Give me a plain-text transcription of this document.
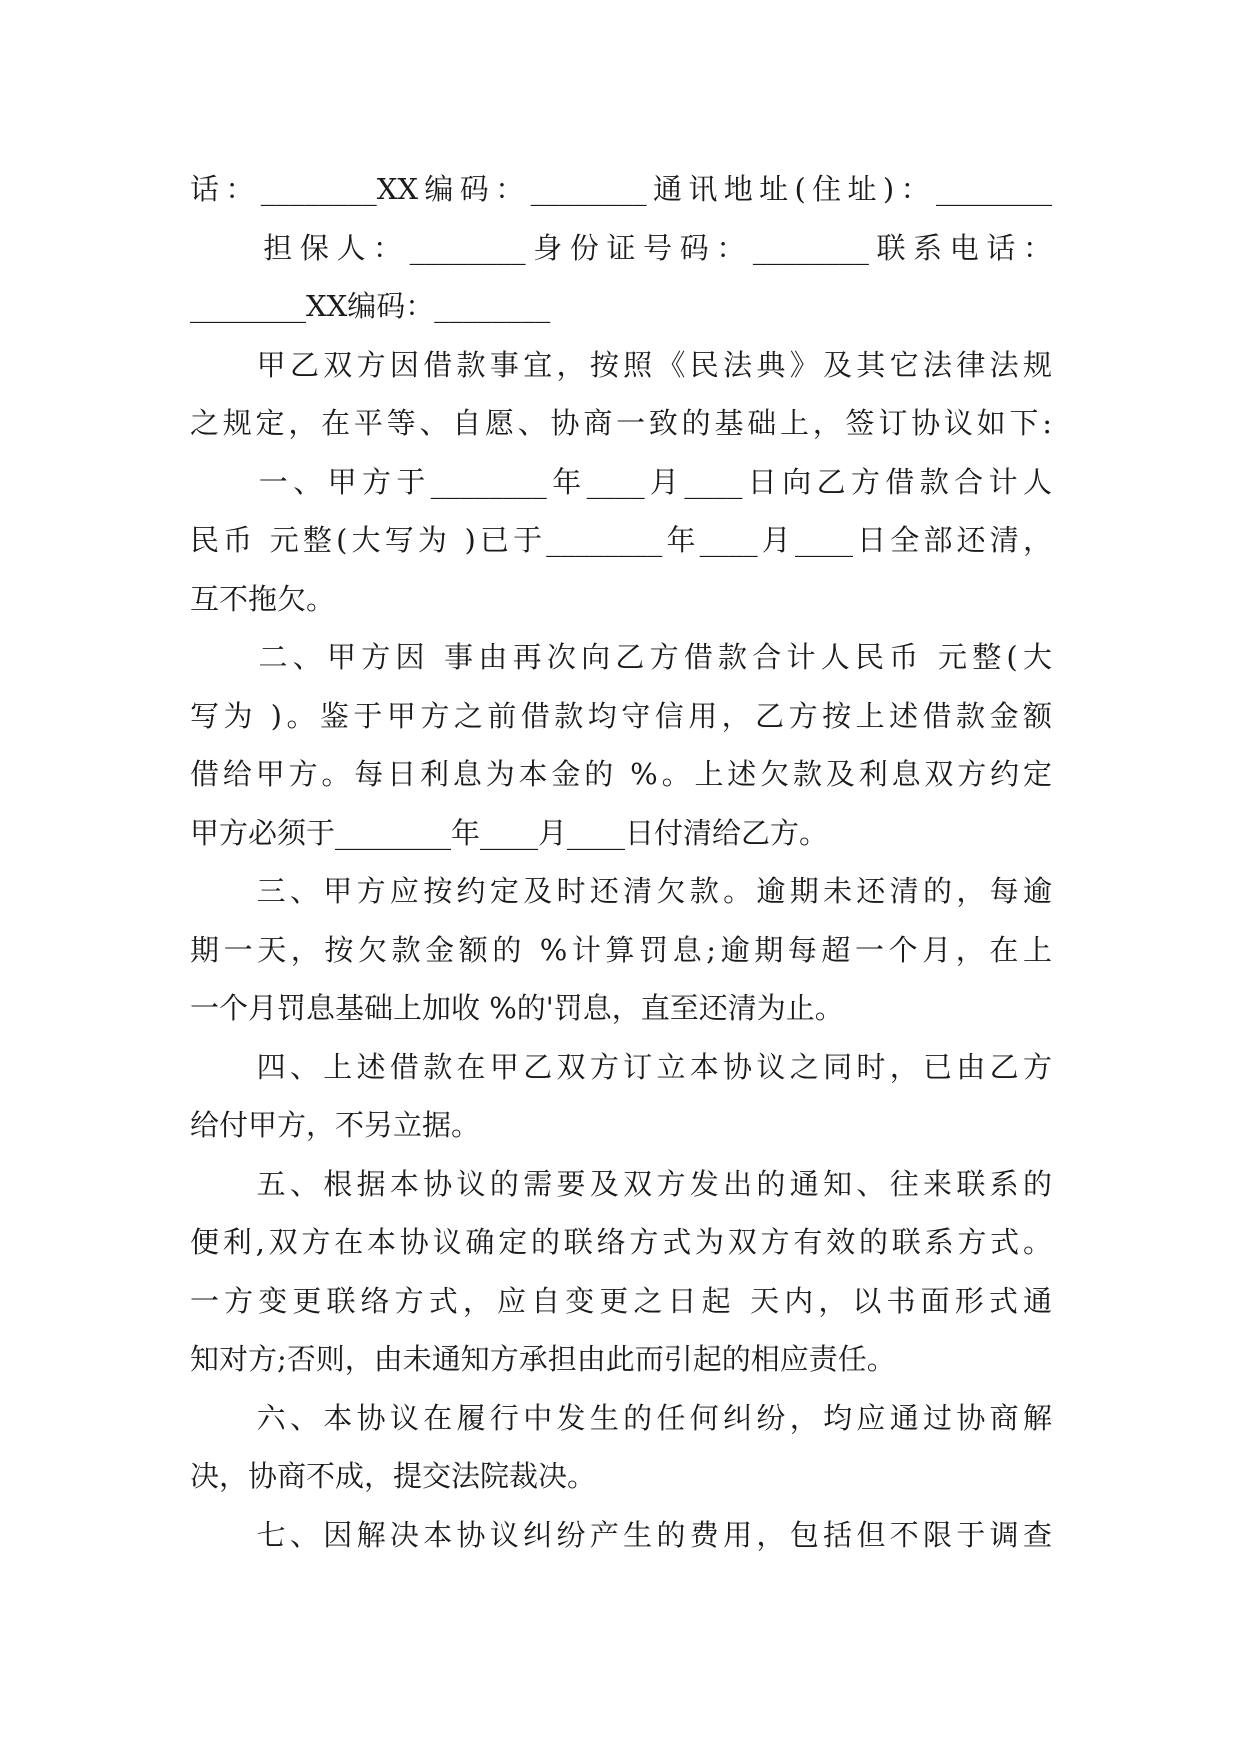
话：________XX编码：________通讯地址(住址)：________
　　担保人：________身份证号码：________联系电话：
________XX编码：________
　　甲乙双方因借款事宜，按照《民法典》及其它法律法规
之规定，在平等、自愿、协商一致的基础上，签订协议如下:
　　一、甲方于________年____月____日向乙方借款合计人
民币 元整(大写为 )已于________年____月____日全部还清，
互不拖欠。
　　二、甲方因 事由再次向乙方借款合计人民币 元整(大
写为 )。鉴于甲方之前借款均守信用，乙方按上述借款金额
借给甲方。每日利息为本金的 %。上述欠款及利息双方约定
甲方必须于________年____月____日付清给乙方。
　　三、甲方应按约定及时还清欠款。逾期未还清的，每逾
期一天，按欠款金额的 %计算罚息;逾期每超一个月，在上
一个月罚息基础上加收 %的'罚息，直至还清为止。
　　四、上述借款在甲乙双方订立本协议之同时，已由乙方
给付甲方，不另立据。
　　五、根据本协议的需要及双方发出的通知、往来联系的
便利,双方在本协议确定的联络方式为双方有效的联系方式。
一方变更联络方式，应自变更之日起 天内，以书面形式通
知对方;否则，由未通知方承担由此而引起的相应责任。
　　六、本协议在履行中发生的任何纠纷，均应通过协商解
决，协商不成，提交法院裁决。
　　七、因解决本协议纠纷产生的费用，包括但不限于调查
